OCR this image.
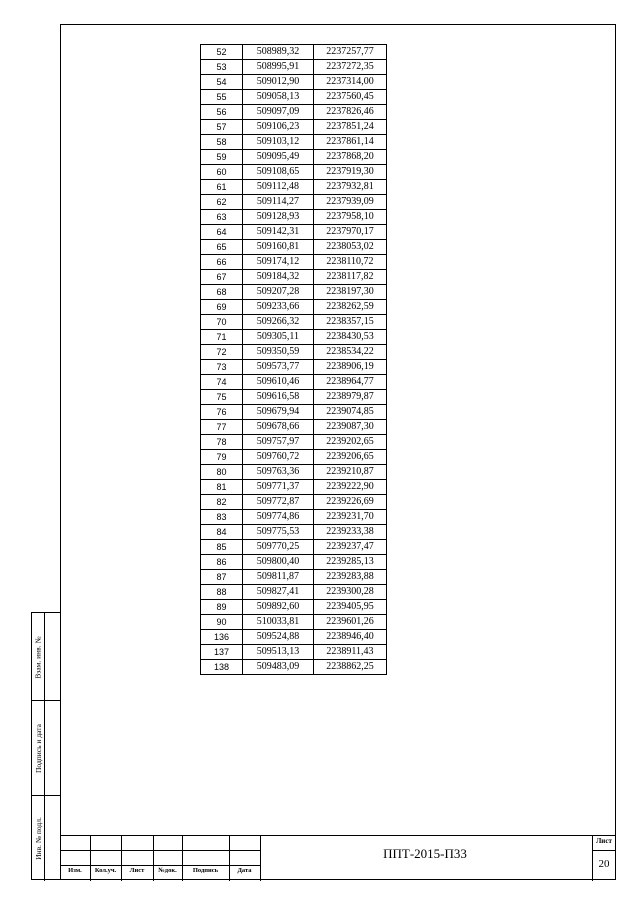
Взам. инв. №
Подпись и дата
Инв. № подл.
52	508989,32	2237257,77
53	508995,91	2237272,35
54	509012,90	2237314,00
55	509058,13	2237560,45
56	509097,09	2237826,46
57	509106,23	2237851,24
58	509103,12	2237861,14
59	509095,49	2237868,20
60	509108,65	2237919,30
61	509112,48	2237932,81
62	509114,27	2237939,09
63	509128,93	2237958,10
64	509142,31	2237970,17
65	509160,81	2238053,02
66	509174,12	2238110,72
67	509184,32	2238117,82
68	509207,28	2238197,30
69	509233,66	2238262,59
70	509266,32	2238357,15
71	509305,11	2238430,53
72	509350,59	2238534,22
73	509573,77	2238906,19
74	509610,46	2238964,77
75	509616,58	2238979,87
76	509679,94	2239074,85
77	509678,66	2239087,30
78	509757,97	2239202,65
79	509760,72	2239206,65
80	509763,36	2239210,87
81	509771,37	2239222,90
82	509772,87	2239226,69
83	509774,86	2239231,70
84	509775,53	2239233,38
85	509770,25	2239237,47
86	509800,40	2239285,13
87	509811,87	2239283,88
88	509827,41	2239300,28
89	509892,60	2239405,95
90	510033,81	2239601,26
136	509524,88	2238946,40
137	509513,13	2238911,43
138	509483,09	2238862,25
Изм.	Кол.уч.	Лист	№док.	Подпись	Дата
ППТ-2015-П33
Лист
20
